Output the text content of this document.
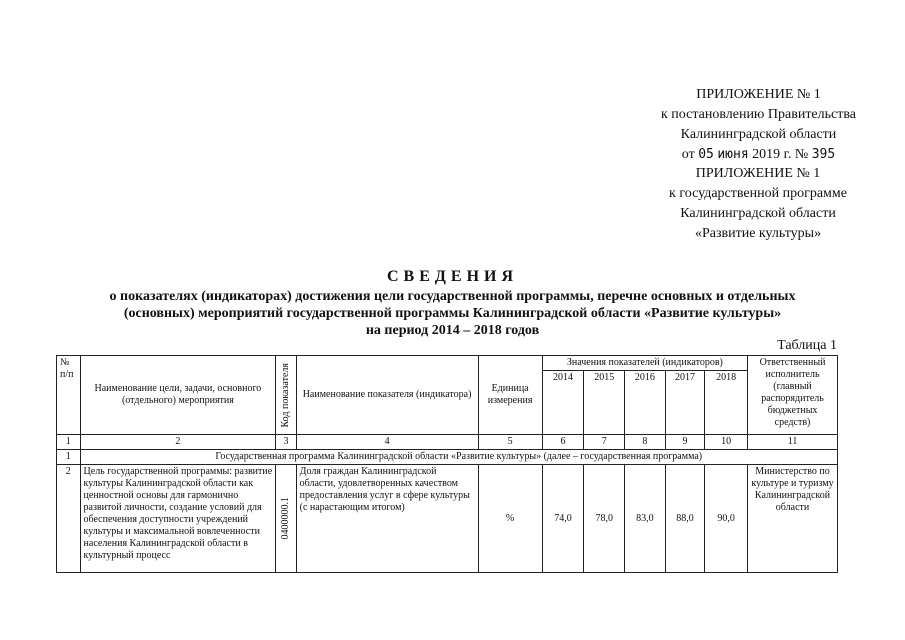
ПРИЛОЖЕНИЕ № 1
к постановлению Правительства
Калининградской области
от 05 июня 2019 г. № 395
ПРИЛОЖЕНИЕ № 1
к государственной программе
Калининградской области
«Развитие культуры»
СВЕДЕНИЯ
о показателях (индикаторах) достижения цели государственной программы, перечне основных и отдельных
(основных) мероприятий государственной программы Калининградской области «Развитие культуры»
на период 2014 – 2018 годов
Таблица 1
№ п/п	Наименование цели, задачи, основного (отдельного) мероприятия	Код показателя	Наименование показателя (индикатора)	Единица измерения	Значения показателей (индикаторов)					Ответственный исполнитель (главный распорядитель бюджетных средств)
					2014	2015	2016	2017	2018	
1	2	3	4	5	6	7	8	9	10	11
1	Государственная программа Калининградской области «Развитие культуры» (далее – государственная программа)									
2	Цель государственной программы: развитие культуры Калининградской области как ценностной основы для гармонично развитой личности, создание условий для обеспечения доступности учреждений культуры и максимальной вовлеченности населения Калининградской области в культурный процесс	0400000.1	Доля граждан Калининградской области, удовлетворенных качеством предоставления услуг в сфере культуры (с нарастающим итогом)	%	74,0	78,0	83,0	88,0	90,0	Министерство по культуре и туризму Калининградской области
